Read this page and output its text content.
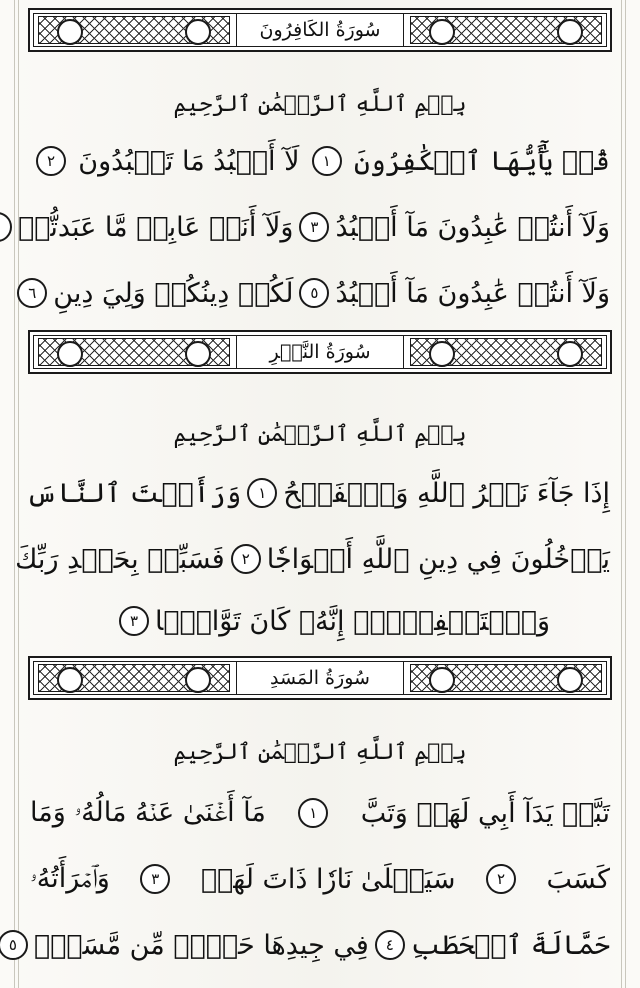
سُورَةُ الكَافِرُونَ
بِسۡمِ ٱللَّهِ ٱلرَّحۡمَٰنِ ٱلرَّحِيمِ
قُلۡ يَٰٓأَيُّهَا ٱلۡكَٰفِرُونَ
١
لَآ أَعۡبُدُ مَا تَعۡبُدُونَ
٢
وَلَآ أَنتُمۡ عَٰبِدُونَ مَآ أَعۡبُدُ
٣
وَلَآ أَنَا۠ عَابِدٞ مَّا عَبَدتُّمۡ
وَلَآ أَنتُمۡ عَٰبِدُونَ مَآ أَعۡبُدُ
٥
لَكُمۡ دِينُكُمۡ وَلِيَ دِينِ
٦
سُورَةُ النَّصۡرِ
بِسۡمِ ٱللَّهِ ٱلرَّحۡمَٰنِ ٱلرَّحِيمِ
إِذَا جَآءَ نَصۡرُ ٱللَّهِ وَٱلۡفَتۡحُ
١
وَرَأَيۡتَ ٱلنَّاسَ
يَدۡخُلُونَ فِي دِينِ ٱللَّهِ أَفۡوَاجٗا
٢
فَسَبِّحۡ بِحَمۡدِ رَبِّكَ
وَٱسۡتَغۡفِرۡهُۚ إِنَّهُۥ كَانَ تَوَّابَۢا
٣
سُورَةُ المَسَدِ
بِسۡمِ ٱللَّهِ ٱلرَّحۡمَٰنِ ٱلرَّحِيمِ
تَبَّتۡ يَدَآ أَبِي لَهَبٖ وَتَبَّ
١
مَآ أَغۡنَىٰ عَنۡهُ مَالُهُۥ وَمَا
كَسَبَ
٢
سَيَصۡلَىٰ نَارٗا ذَاتَ لَهَبٖ
٣
وَٱمۡرَأَتُهُۥ
حَمَّالَةَ ٱلۡحَطَبِ
٤
فِي جِيدِهَا حَبۡلٞ مِّن مَّسَدِۭ
٥
